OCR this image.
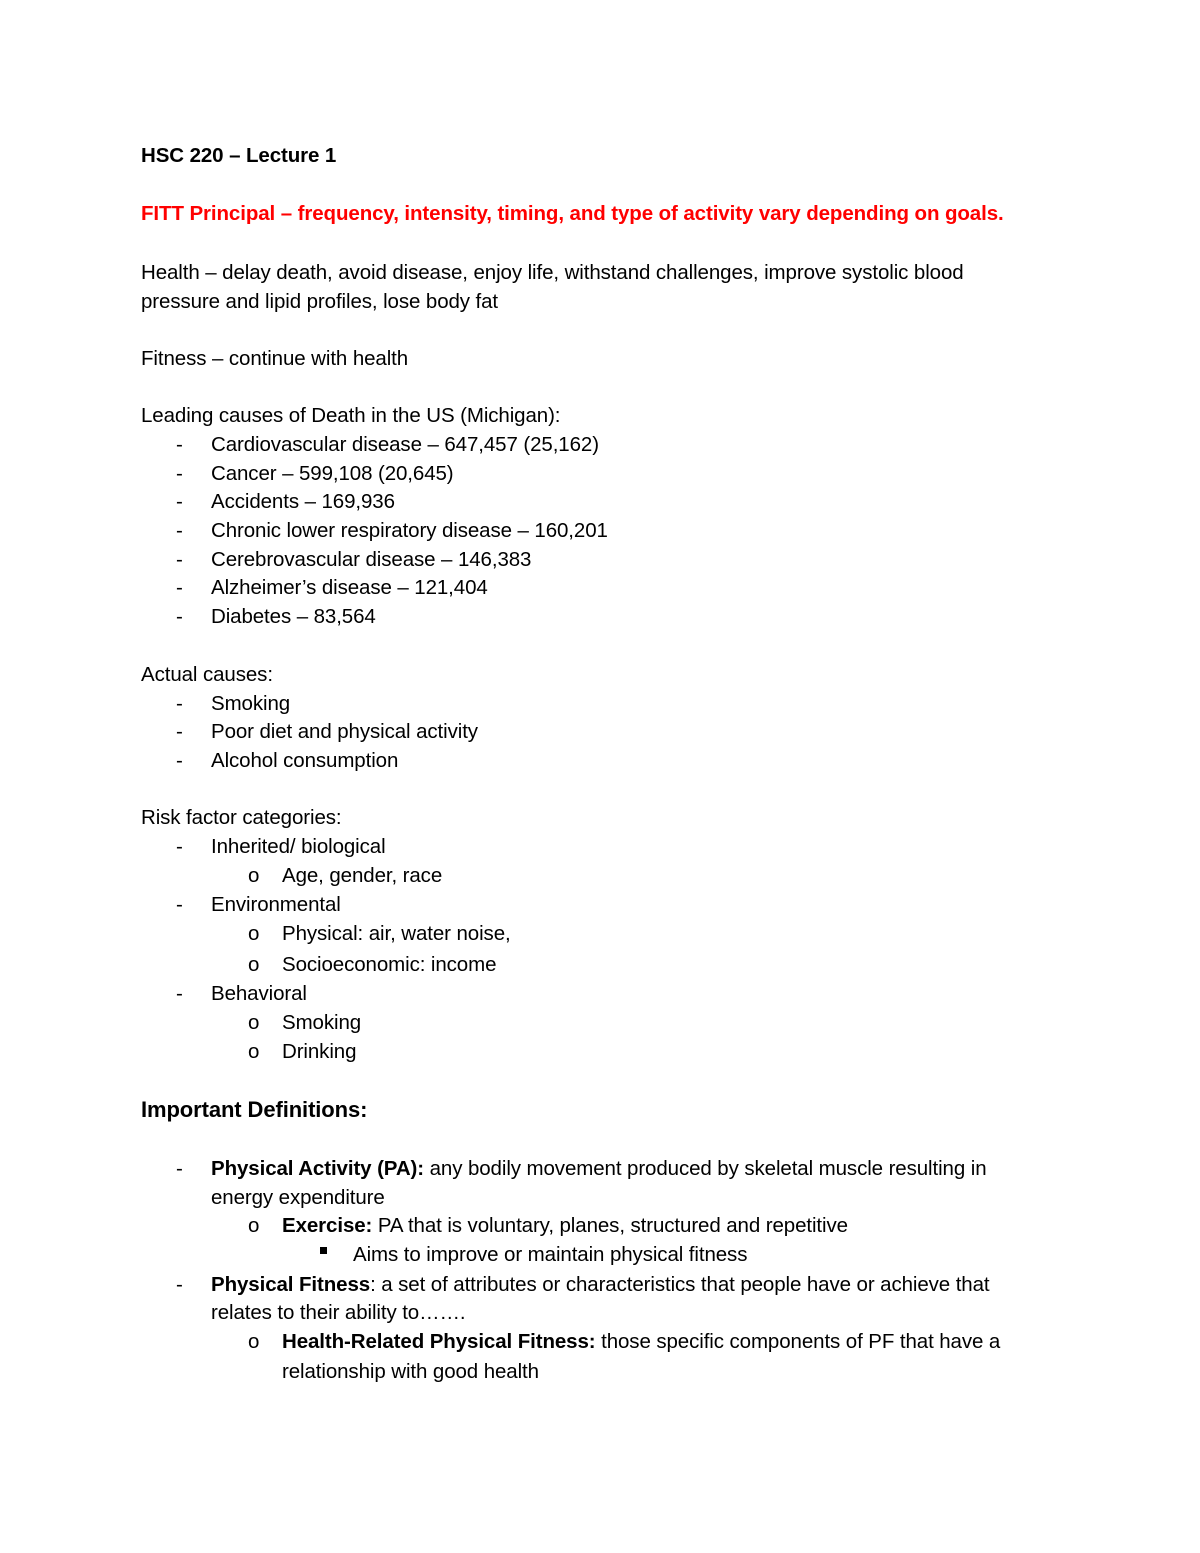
HSC 220 – Lecture 1
FITT Principal – frequency, intensity, timing, and type of activity vary depending on goals.
Health – delay death, avoid disease, enjoy life, withstand challenges, improve systolic blood
pressure and lipid profiles, lose body fat
Fitness – continue with health
Leading causes of Death in the US (Michigan):
- Cardiovascular disease – 647,457 (25,162)
- Cancer – 599,108 (20,645)
- Accidents – 169,936
- Chronic lower respiratory disease – 160,201
- Cerebrovascular disease – 146,383
- Alzheimer’s disease – 121,404
- Diabetes – 83,564
Actual causes:
- Smoking
- Poor diet and physical activity
- Alcohol consumption
Risk factor categories:
- Inherited/ biological
o Age, gender, race
- Environmental
o Physical: air, water noise,
o Socioeconomic: income
- Behavioral
o Smoking
o Drinking
Important Definitions:
- Physical Activity (PA): any bodily movement produced by skeletal muscle resulting in
energy expenditure
o Exercise: PA that is voluntary, planes, structured and repetitive
Aims to improve or maintain physical fitness
- Physical Fitness: a set of attributes or characteristics that people have or achieve that
relates to their ability to…….
o Health-Related Physical Fitness: those specific components of PF that have a
relationship with good health
